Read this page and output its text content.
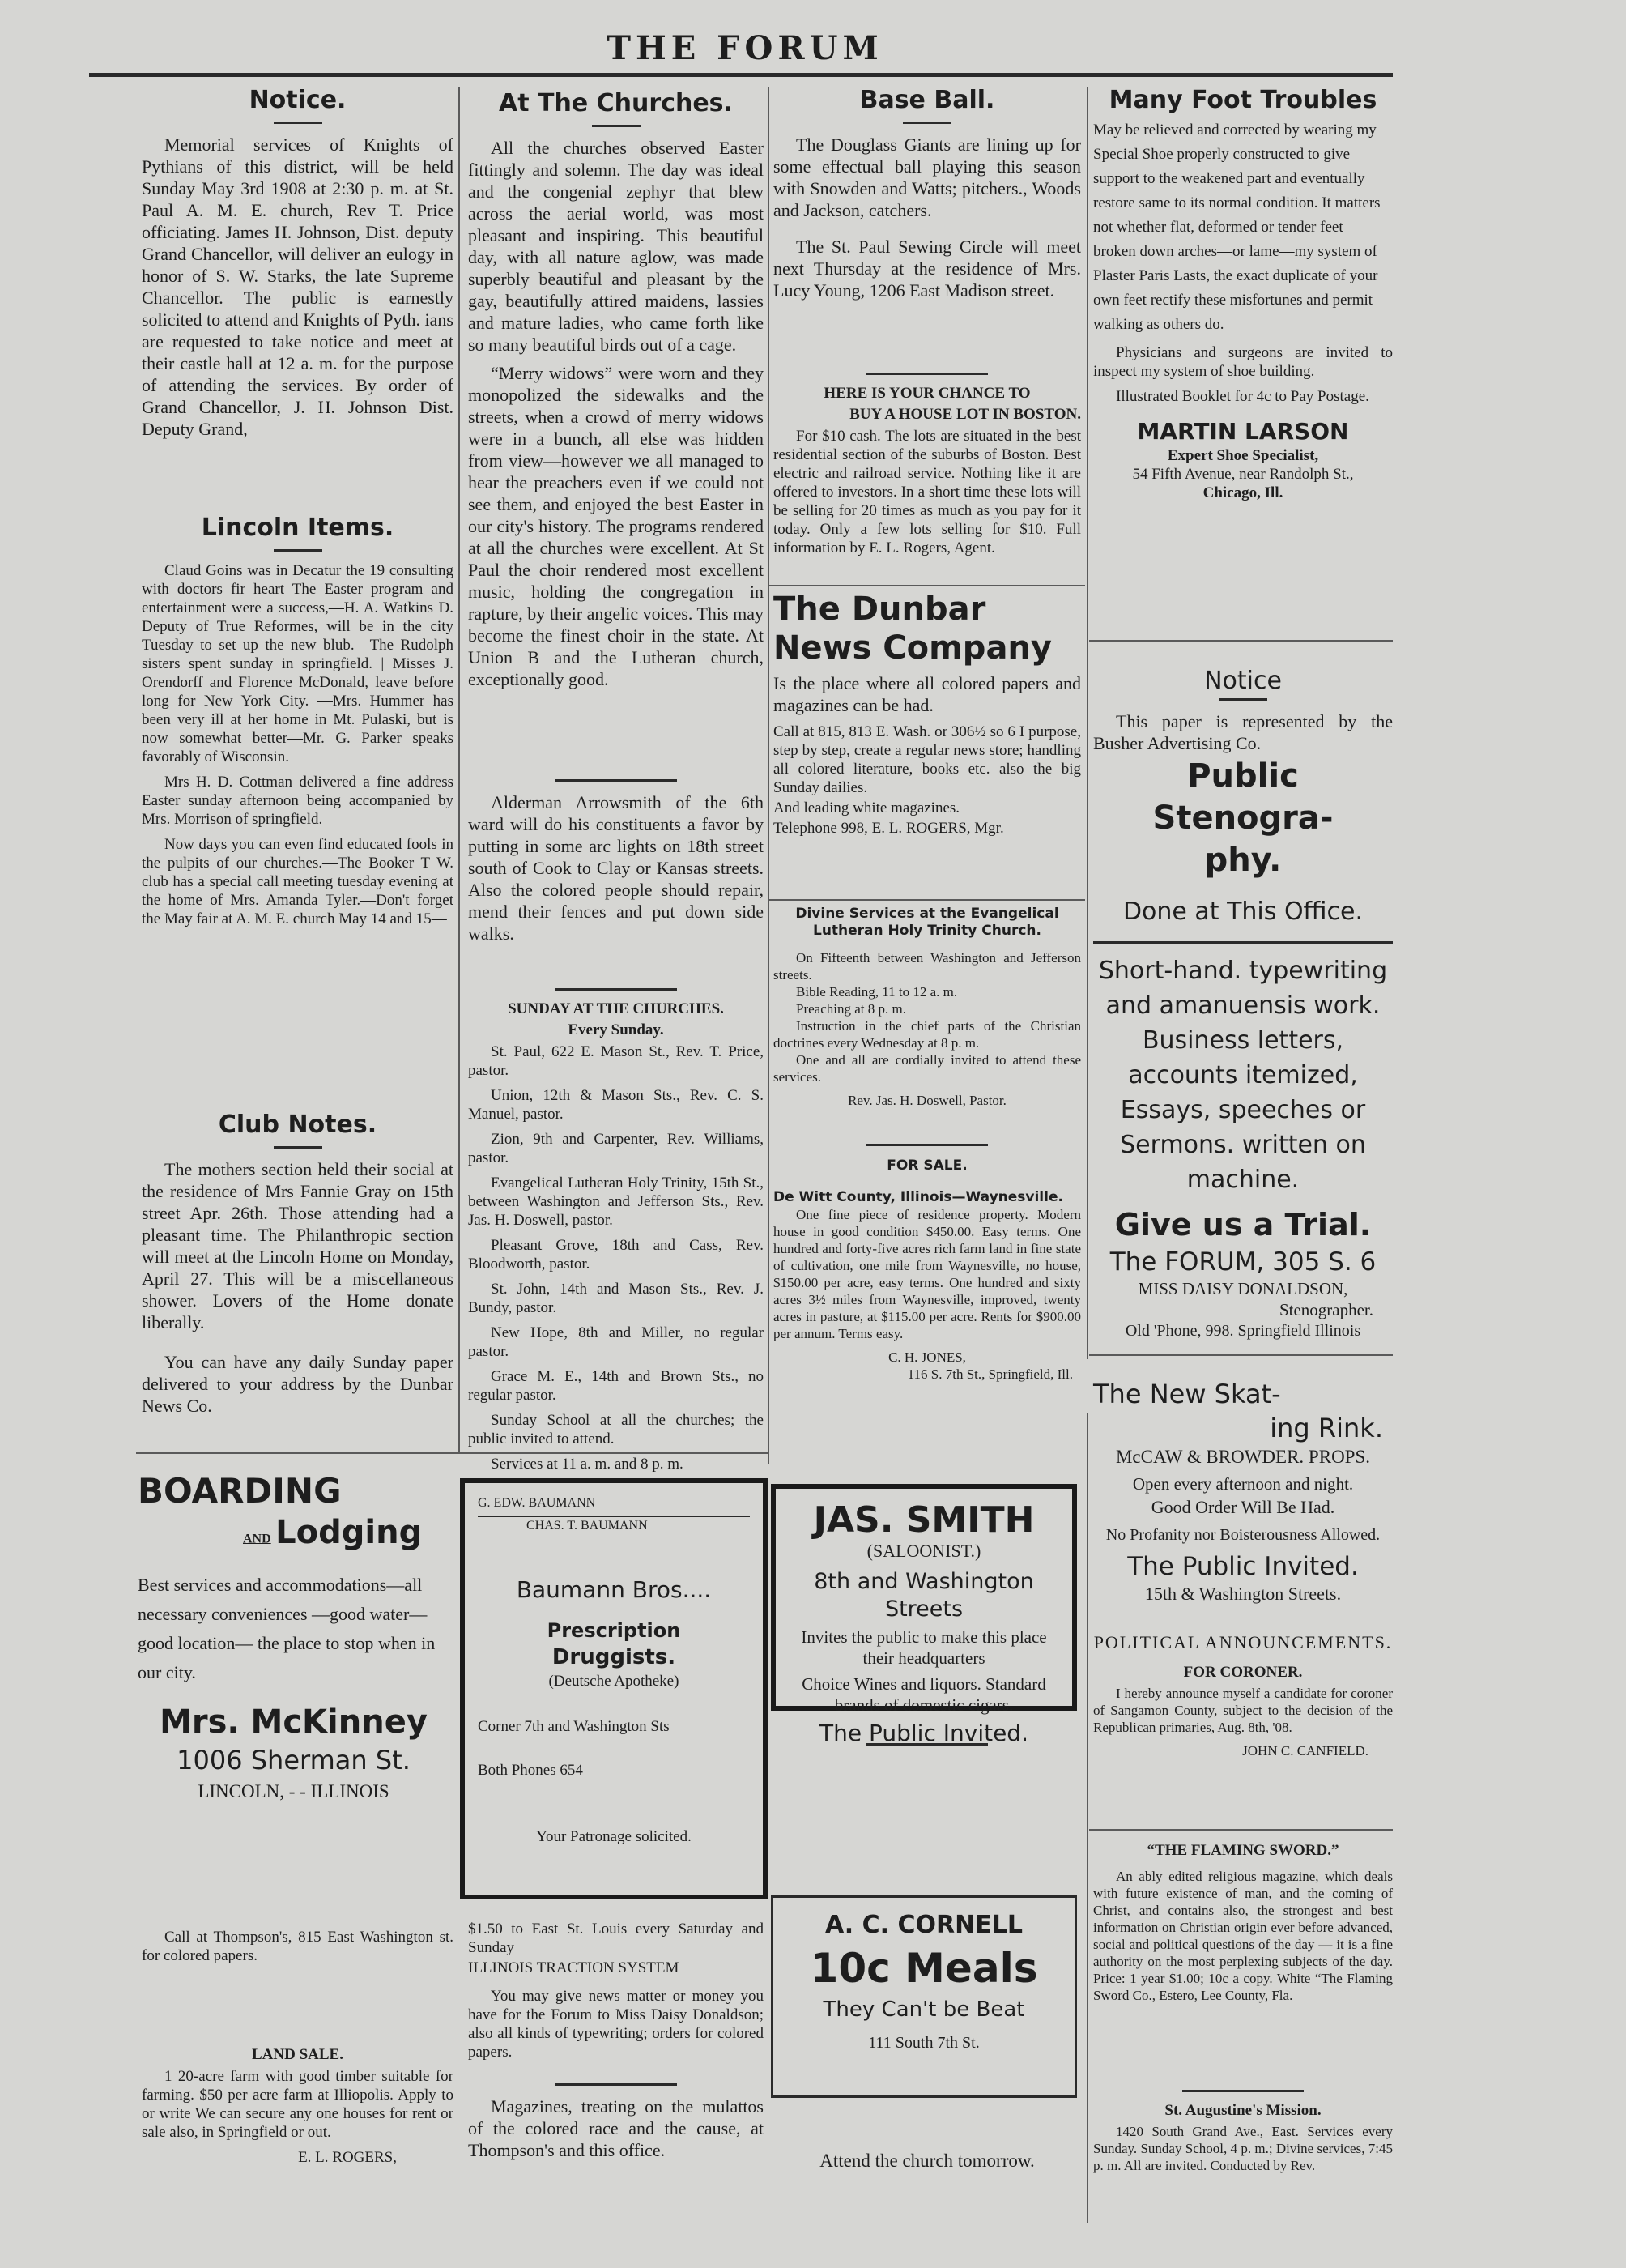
THE FORUM
Notice.
Memorial services of Knights of Pythians of this district, will be held Sunday May 3rd 1908 at 2:30 p. m. at St. Paul A. M. E. church, Rev T. Price officiating. James H. Johnson, Dist. deputy Grand Chancellor, will deliver an eulogy in honor of S. W. Starks, the late Supreme Chancellor. The public is earnestly solicited to attend and Knights of Pyth. ians are requested to take notice and meet at their castle hall at 12 a. m. for the purpose of attending the services. By order of Grand Chancellor, J. H. Johnson Dist. Deputy Grand,
Lincoln Items.
Claud Goins was in Decatur the 19 consulting with doctors fir heart The Easter program and entertainment were a success,—H. A. Watkins D. Deputy of True Reformes, will be in the city Tuesday to set up the new blub.—The Rudolph sisters spent sunday in springfield. | Misses J. Orendorff and Florence McDonald, leave before long for New York City. —Mrs. Hummer has been very ill at her home in Mt. Pulaski, but is now somewhat better—Mr. G. Parker speaks favorably of Wisconsin.
Mrs H. D. Cottman delivered a fine address Easter sunday afternoon being accompanied by Mrs. Morrison of springfield.
Now days you can even find educated fools in the pulpits of our churches.—The Booker T W. club has a special call meeting tuesday evening at the home of Mrs. Amanda Tyler.—Don't forget the May fair at A. M. E. church May 14 and 15—
Club Notes.
The mothers section held their social at the residence of Mrs Fannie Gray on 15th street Apr. 26th. Those attending had a pleasant time. The Philanthropic section will meet at the Lincoln Home on Monday, April 27. This will be a miscellaneous shower. Lovers of the Home donate liberally.
You can have any daily Sunday paper delivered to your address by the Dunbar News Co.
BOARDING
AND Lodging
Best services and accommodations—all necessary conveniences —good water—good location— the place to stop when in our city.
Mrs. McKinney
1006 Sherman St.
LINCOLN, - - ILLINOIS
Call at Thompson's, 815 East Washington st. for colored papers.
LAND SALE.
1 20-acre farm with good timber suitable for farming. $50 per acre farm at Illiopolis. Apply to or write We can secure any one houses for rent or sale also, in Springfield or out.
E. L. ROGERS,
At The Churches.
All the churches observed Easter fittingly and solemn. The day was ideal and the congenial zephyr that blew across the aerial world, was most pleasant and inspiring. This beautiful day, with all nature aglow, was made superbly beautiful and pleasant by the gay, beautifully attired maidens, lassies and mature ladies, who came forth like so many beautiful birds out of a cage.
“Merry widows” were worn and they monopolized the sidewalks and the streets, when a crowd of merry widows were in a bunch, all else was hidden from view—however we all managed to hear the preachers even if we could not see them, and enjoyed the best Easter in our city's history. The programs rendered at all the churches were excellent. At St Paul the choir rendered most excellent music, holding the congregation in rapture, by their angelic voices. This may become the finest choir in the state. At Union B and the Lutheran church, exceptionally good.
Alderman Arrowsmith of the 6th ward will do his constituents a favor by putting in some arc lights on 18th street south of Cook to Clay or Kansas streets. Also the colored people should repair, mend their fences and put down side walks.
SUNDAY AT THE CHURCHES.
Every Sunday.
St. Paul, 622 E. Mason St., Rev. T. Price, pastor.
Union, 12th & Mason Sts., Rev. C. S. Manuel, pastor.
Zion, 9th and Carpenter, Rev. Williams, pastor.
Evangelical Lutheran Holy Trinity, 15th St., between Washington and Jefferson Sts., Rev. Jas. H. Doswell, pastor.
Pleasant Grove, 18th and Cass, Rev. Bloodworth, pastor.
St. John, 14th and Mason Sts., Rev. J. Bundy, pastor.
New Hope, 8th and Miller, no regular pastor.
Grace M. E., 14th and Brown Sts., no regular pastor.
Sunday School at all the churches; the public invited to attend.
Services at 11 a. m. and 8 p. m.
G. EDW. BAUMANN
CHAS. T. BAUMANN
Baumann Bros....
Prescription
Druggists.
(Deutsche Apotheke)
Corner 7th and Washington Sts
Both Phones 654
Your Patronage solicited.
$1.50 to East St. Louis every Saturday and Sunday
ILLINOIS TRACTION SYSTEM
You may give news matter or money you have for the Forum to Miss Daisy Donaldson; also all kinds of typewriting; orders for colored papers.
Magazines, treating on the mulattos of the colored race and the cause, at Thompson's and this office.
Base Ball.
The Douglass Giants are lining up for some effectual ball playing this season with Snowden and Watts; pitchers., Woods and Jackson, catchers.
The St. Paul Sewing Circle will meet next Thursday at the residence of Mrs. Lucy Young, 1206 East Madison street.
HERE IS YOUR CHANCE TO
BUY A HOUSE LOT IN BOSTON.
For $10 cash. The lots are situated in the best residential section of the suburbs of Boston. Best electric and railroad service. Nothing like it are offered to investors. In a short time these lots will be selling for 20 times as much as you pay for it today. Only a few lots selling for $10. Full information by E. L. Rogers, Agent.
The Dunbar
News Company
Is the place where all colored papers and magazines can be had.
Call at 815, 813 E. Wash. or 306½ so 6 I purpose, step by step, create a regular news store; handling all colored literature, books etc. also the big Sunday dailies.
And leading white magazines.
Telephone 998, E. L. ROGERS, Mgr.
Divine Services at the Evangelical Lutheran Holy Trinity Church.
On Fifteenth between Washington and Jefferson streets.
Bible Reading, 11 to 12 a. m.
Preaching at 8 p. m.
Instruction in the chief parts of the Christian doctrines every Wednesday at 8 p. m.
One and all are cordially invited to attend these services.
Rev. Jas. H. Doswell, Pastor.
FOR SALE.
De Witt County, Illinois—Waynesville.
One fine piece of residence property. Modern house in good condition $450.00. Easy terms. One hundred and forty-five acres rich farm land in fine state of cultivation, one mile from Waynesville, no house, $150.00 per acre, easy terms. One hundred and sixty acres 3½ miles from Waynesville, improved, twenty acres in pasture, at $115.00 per acre. Rents for $900.00 per annum. Terms easy.
C. H. JONES,
116 S. 7th St., Springfield, Ill.
JAS. SMITH
(SALOONIST.)
8th and Washington
Streets
Invites the public to make this place their headquarters
Choice Wines and liquors. Standard brands of domestic cigars.
The Public Invited.
A. C. CORNELL
10c Meals
They Can't be Beat
111 South 7th St.
Attend the church tomorrow.
Many Foot Troubles
May be relieved and corrected by wearing my Special Shoe properly constructed to give support to the weakened part and eventually restore same to its normal condition. It matters not whether flat, deformed or tender feet—broken down arches—or lame—my system of Plaster Paris Lasts, the exact duplicate of your own feet rectify these misfortunes and permit walking as others do.
Physicians and surgeons are invited to inspect my system of shoe building.
Illustrated Booklet for 4c to Pay Postage.
MARTIN LARSON
Expert Shoe Specialist,
54 Fifth Avenue, near Randolph St.,
Chicago, Ill.
Notice
This paper is represented by the Busher Advertising Co.
Public Stenogra-
phy.
Done at This Office.
Short-hand. typewriting and amanuensis work. Business letters, accounts itemized, Essays, speeches or Sermons. written on machine.
Give us a Trial.
The FORUM, 305 S. 6
MISS DAISY DONALDSON,
Stenographer.
Old 'Phone, 998. Springfield Illinois
The New Skat-
ing Rink.
McCAW & BROWDER. PROPS.
Open every afternoon and night.
Good Order Will Be Had.
No Profanity nor Boisterousness Allowed.
The Public Invited.
15th & Washington Streets.
POLITICAL ANNOUNCEMENTS.
FOR CORONER.
I hereby announce myself a candidate for coroner of Sangamon County, subject to the decision of the Republican primaries, Aug. 8th, '08.
JOHN C. CANFIELD.
“THE FLAMING SWORD.”
An ably edited religious magazine, which deals with future existence of man, and the coming of Christ, and contains also, the strongest and best information on Christian origin ever before advanced, social and political questions of the day — it is a fine authority on the most perplexing subjects of the day. Price: 1 year $1.00; 10c a copy. White “The Flaming Sword Co., Estero, Lee County, Fla.
St. Augustine's Mission.
1420 South Grand Ave., East. Services every Sunday. Sunday School, 4 p. m.; Divine services, 7:45 p. m. All are invited. Conducted by Rev.
